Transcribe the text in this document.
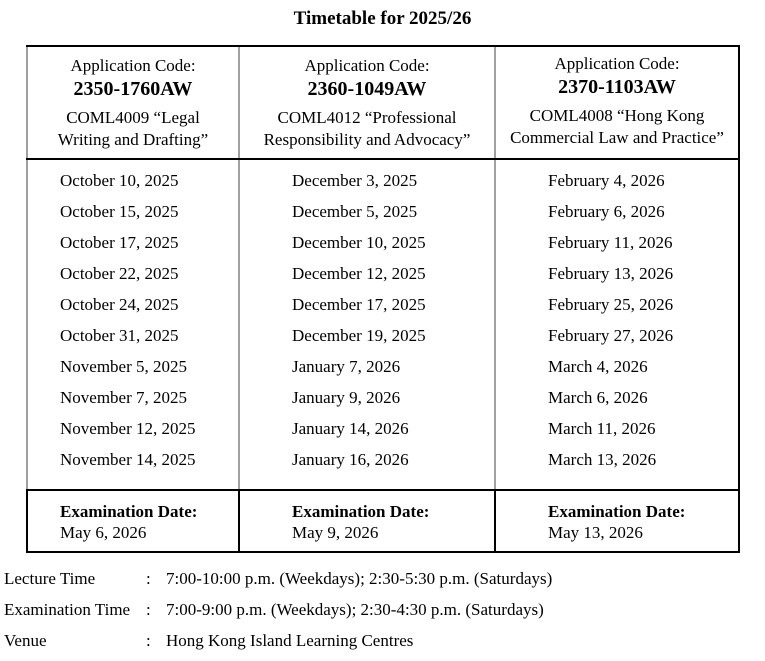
Timetable for 2025/26
Application Code:
2350-1760AW
COML4009 “Legal
Writing and Drafting”
Application Code:
2360-1049AW
COML4012 “Professional
Responsibility and Advocacy”
Application Code:
2370-1103AW
COML4008 “Hong Kong
Commercial Law and Practice”
October 10, 2025
October 15, 2025
October 17, 2025
October 22, 2025
October 24, 2025
October 31, 2025
November 5, 2025
November 7, 2025
November 12, 2025
November 14, 2025
December 3, 2025
December 5, 2025
December 10, 2025
December 12, 2025
December 17, 2025
December 19, 2025
January 7, 2026
January 9, 2026
January 14, 2026
January 16, 2026
February 4, 2026
February 6, 2026
February 11, 2026
February 13, 2026
February 25, 2026
February 27, 2026
March 4, 2026
March 6, 2026
March 11, 2026
March 13, 2026
Examination Date:
May 6, 2026
Examination Date:
May 9, 2026
Examination Date:
May 13, 2026
Lecture Time	: 7:00-10:00 p.m. (Weekdays); 2:30-5:30 p.m. (Saturdays)
Examination Time : 7:00-9:00 p.m. (Weekdays); 2:30-4:30 p.m. (Saturdays)
Venue	: Hong Kong Island Learning Centres
